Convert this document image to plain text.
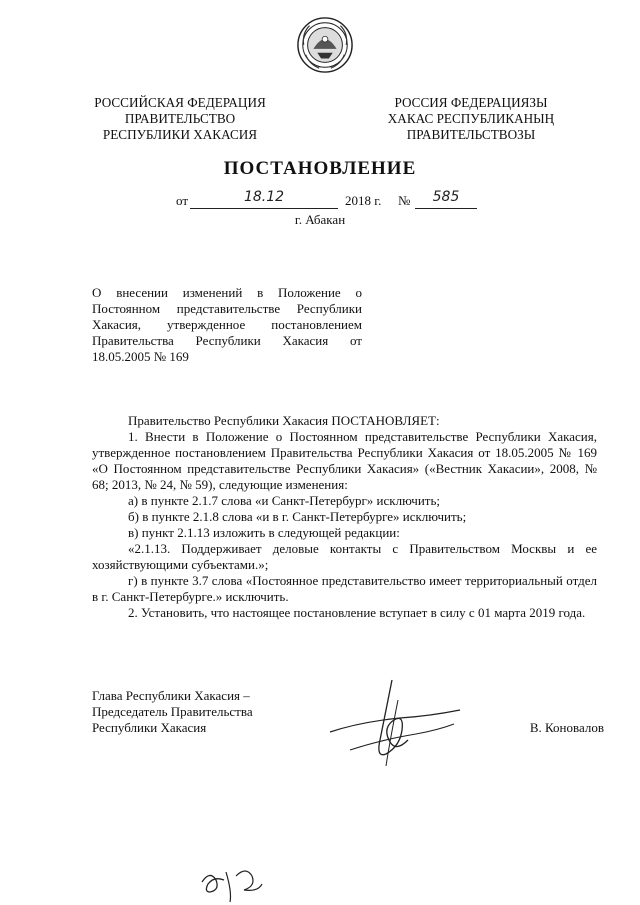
РОССИЙСКАЯ ФЕДЕРАЦИЯ
ПРАВИТЕЛЬСТВО
РЕСПУБЛИКИ ХАКАСИЯ
РОССИЯ ФЕДЕРАЦИЯЗЫ
ХАКАС РЕСПУБЛИКАНЫҢ
ПРАВИТЕЛЬСТВОЗЫ
ПОСТАНОВЛЕНИЕ
от	18.12	2018 г. №	585
г. Абакан
О внесении изменений в Положение о Постоянном представительстве Республики Хакасия, утвержденное постановлением Правительства Республики Хакасия от 18.05.2005 № 169

Правительство Республики Хакасия ПОСТАНОВЛЯЕТ:

1. Внести в Положение о Постоянном представительстве Республики Хакасия, утвержденное постановлением Правительства Республики Хакасия от 18.05.2005 № 169 «О Постоянном представительстве Республики Хакасия» («Вестник Хакасии», 2008, № 68; 2013, № 24, № 59), следующие изменения:

а) в пункте 2.1.7 слова «и Санкт-Петербург» исключить;

б) в пункте 2.1.8 слова «и в г. Санкт-Петербурге» исключить;

в) пункт 2.1.13 изложить в следующей редакции:

«2.1.13. Поддерживает деловые контакты с Правительством Москвы и ее хозяйствующими субъектами.»;

г) в пункте 3.7 слова «Постоянное представительство имеет территориальный отдел в г. Санкт-Петербурге.» исключить.

2. Установить, что настоящее постановление вступает в силу с 01 марта 2019 года.

Глава Республики Хакасия –
Председатель Правительства
Республики Хакасия	В. Коновалов
